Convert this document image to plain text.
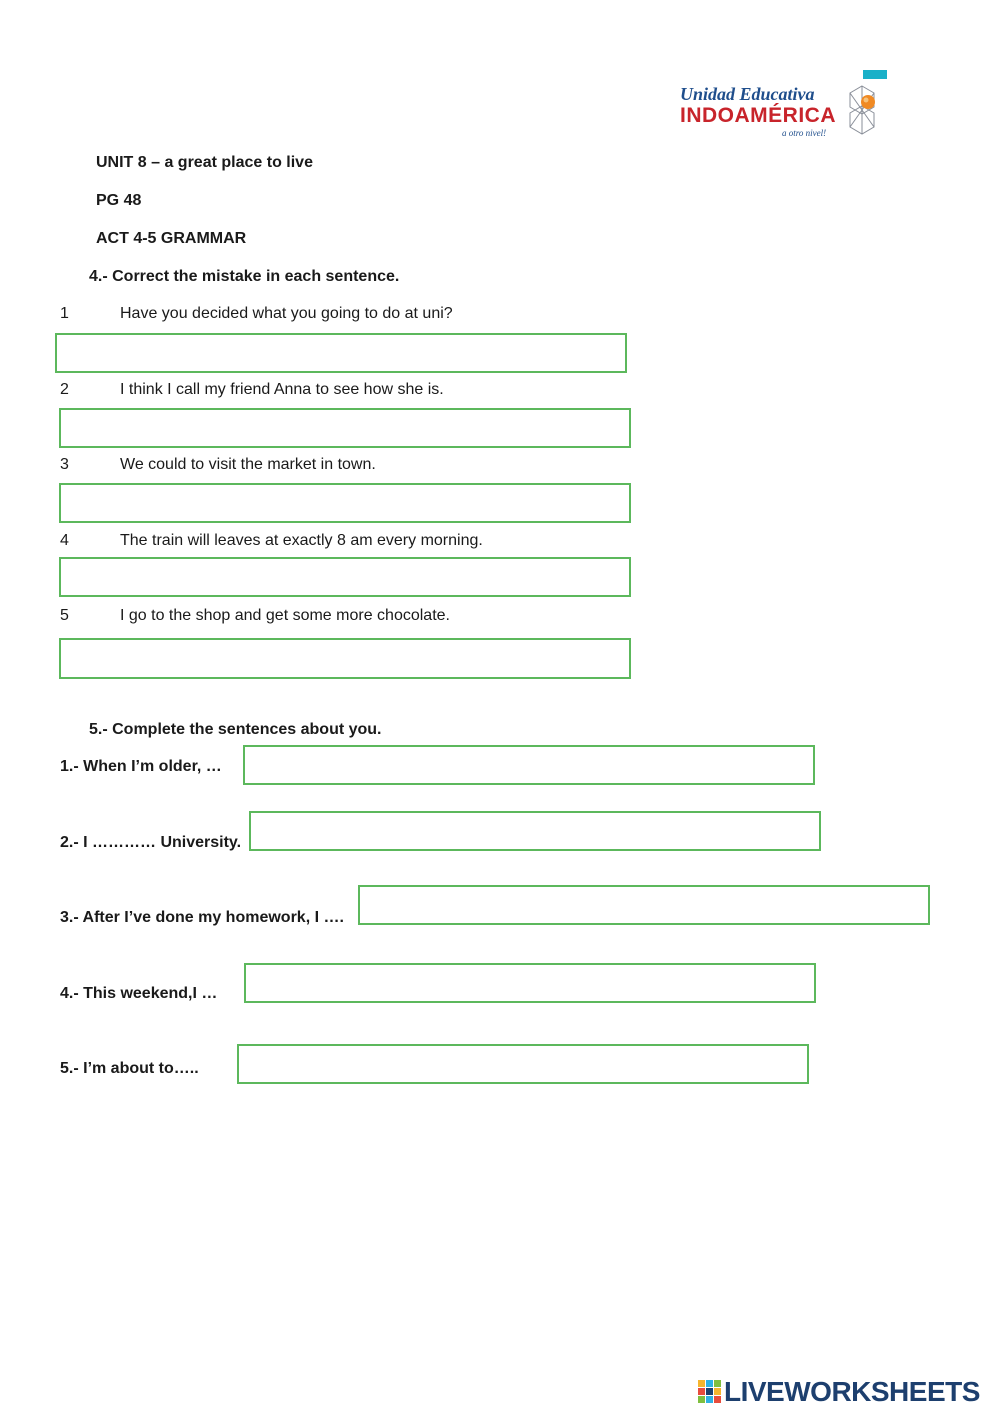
Unidad Educativa
INDOAMÉRICA
a otro nivel!
UNIT 8 – a great place to live
PG 48
ACT 4-5 GRAMMAR
4.- Correct the mistake in each sentence.
1	Have you decided what you going to do at uni?
2	I think I call my friend Anna to see how she is.
3	We could to visit the market in town.
4	The train will leaves at exactly 8 am every morning.
5	I go to the shop and get some more chocolate.
5.- Complete the sentences about you.
1.- When I’m older, …
2.- I ………… University.
3.- After I’ve done my homework, I ….
4.- This weekend,I …
5.- I’m about to…..
LIVEWORKSHEETS
